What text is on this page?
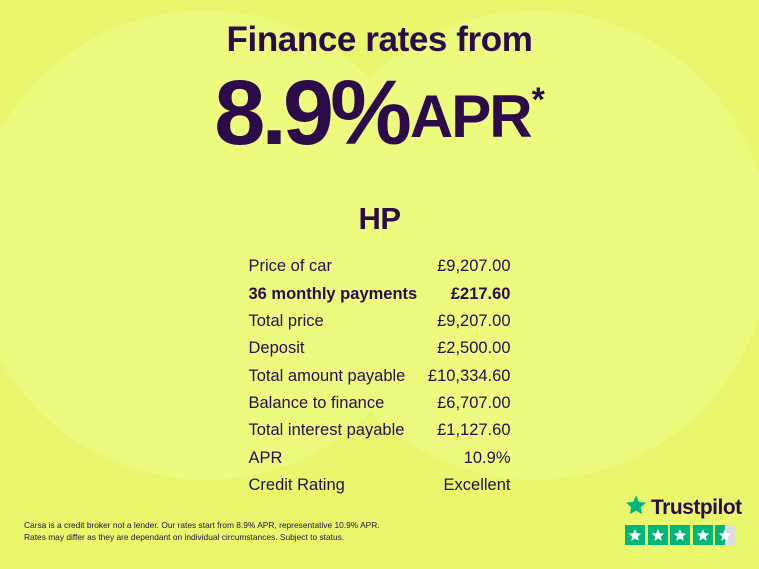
Finance rates from
8.9% APR *
HP
Price of car	£9,207.00
36 monthly payments £217.60
Total price	£9,207.00
Deposit	£2,500.00
Total amount payable £10,334.60
Balance to finance	£6,707.00
Total interest payable £1,127.60
APR	10.9%
Credit Rating	Excellent
Carsa is a credit broker not a lender. Our rates start from 8.9% APR, representative 10.9% APR.
Rates may differ as they are dependant on individual circumstances. Subject to status.
Trustpilot
